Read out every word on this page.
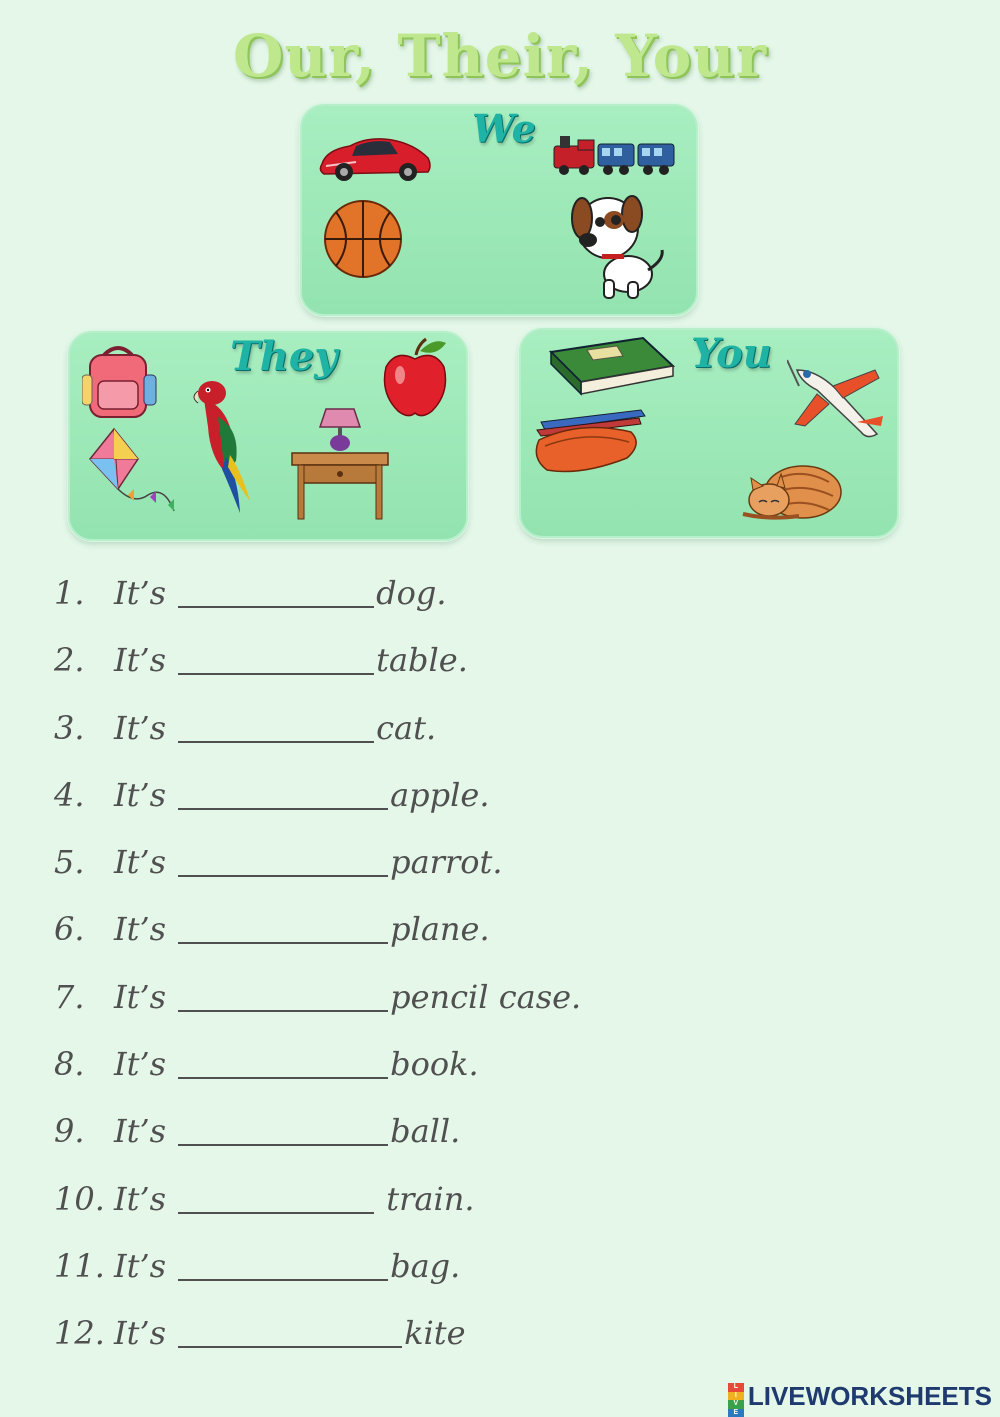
Our, Their, Your
We
They	You
1. It’s	dog.
2. It’s	table.
3. It’s	cat.
4. It’s	apple.
5. It’s	parrot.
6. It’s	plane.
7. It’s	pencil case.
8. It’s	book.
9. It’s	ball.
10. It’s	train.
11. It’s	bag.
12. It’s	kite
L
I
V
E
LIVEWORKSHEETS
